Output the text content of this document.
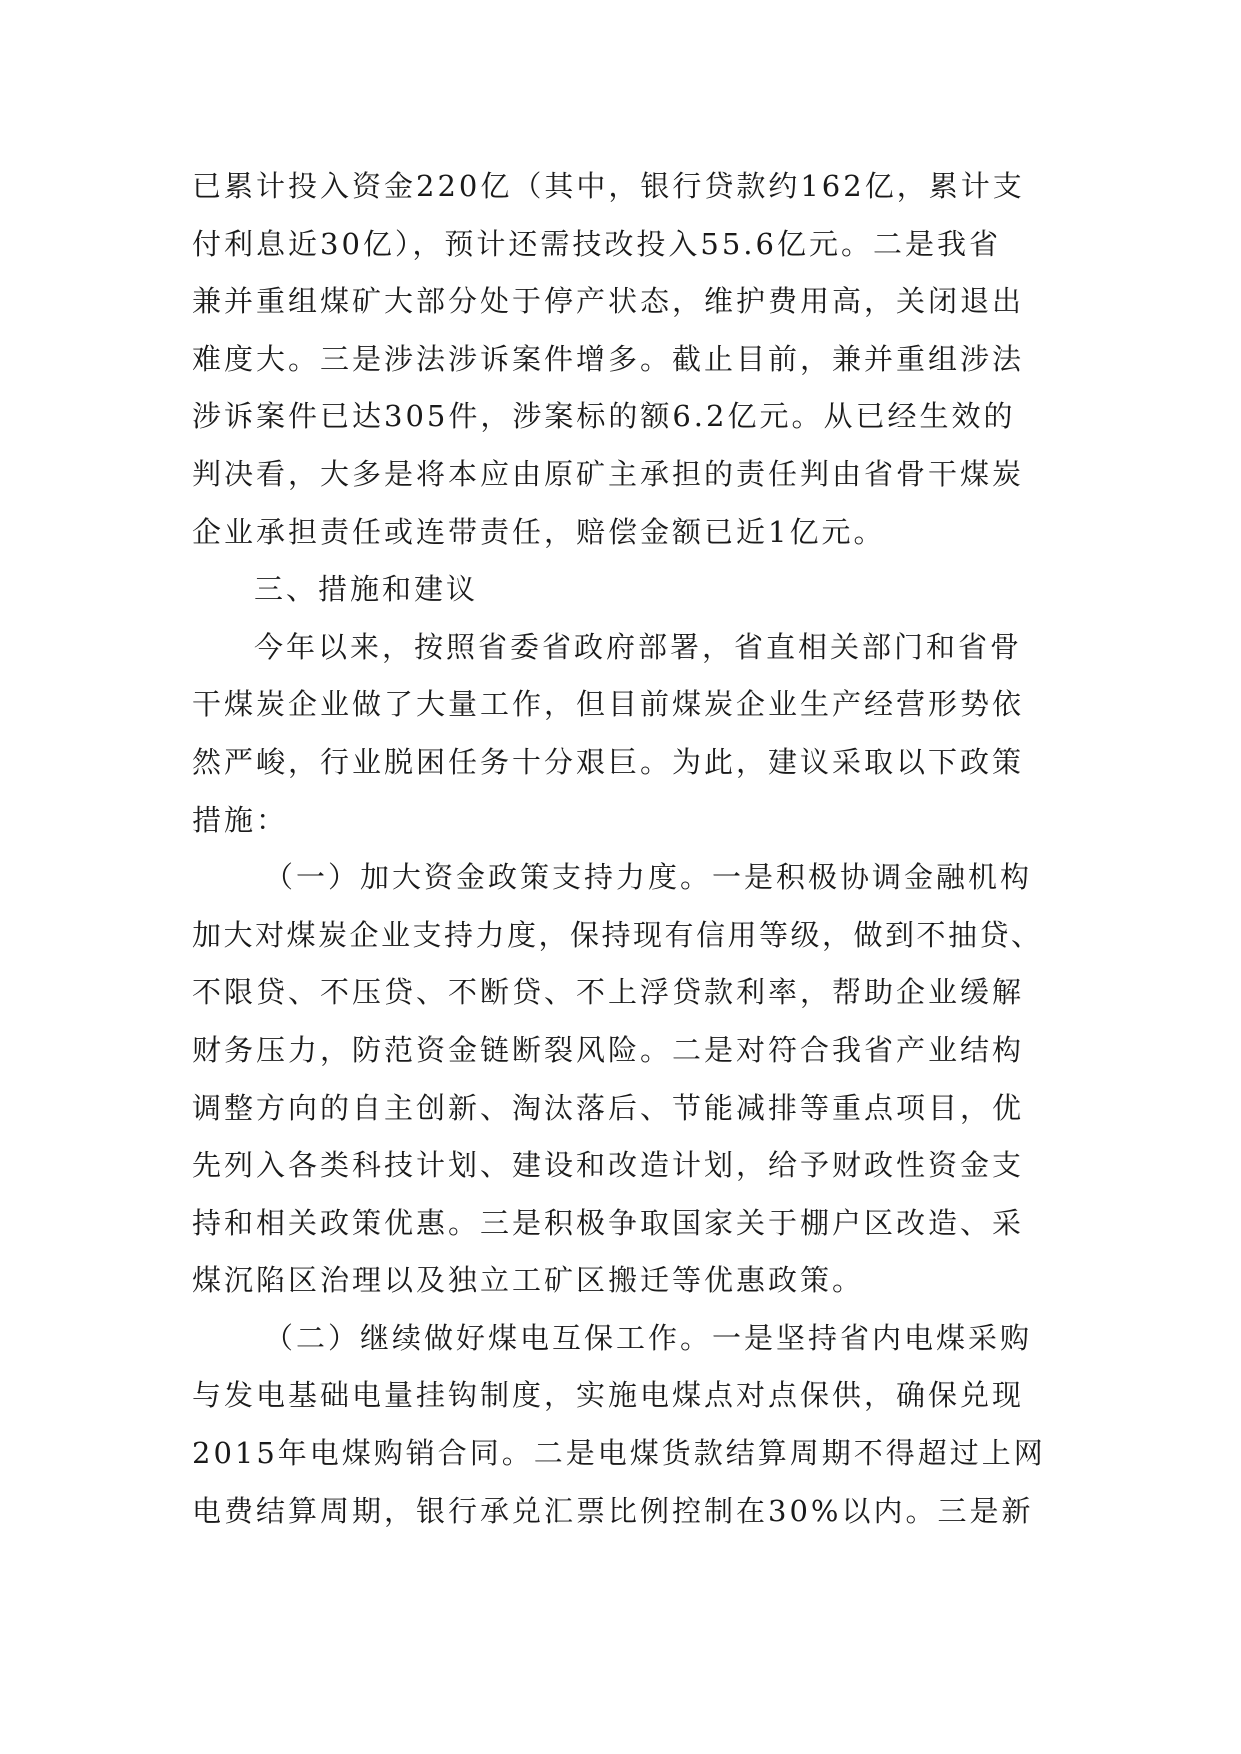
已累计投入资金220亿（其中，银行贷款约162亿，累计支
付利息近30亿），预计还需技改投入55.6亿元。二是我省
兼并重组煤矿大部分处于停产状态，维护费用高，关闭退出
难度大。三是涉法涉诉案件增多。截止目前，兼并重组涉法
涉诉案件已达305件，涉案标的额6.2亿元。从已经生效的
判决看，大多是将本应由原矿主承担的责任判由省骨干煤炭
企业承担责任或连带责任，赔偿金额已近1亿元。
三、措施和建议
今年以来，按照省委省政府部署，省直相关部门和省骨
干煤炭企业做了大量工作，但目前煤炭企业生产经营形势依
然严峻，行业脱困任务十分艰巨。为此，建议采取以下政策
措施：
（一）加大资金政策支持力度。一是积极协调金融机构
加大对煤炭企业支持力度，保持现有信用等级，做到不抽贷、
不限贷、不压贷、不断贷、不上浮贷款利率，帮助企业缓解
财务压力，防范资金链断裂风险。二是对符合我省产业结构
调整方向的自主创新、淘汰落后、节能减排等重点项目，优
先列入各类科技计划、建设和改造计划，给予财政性资金支
持和相关政策优惠。三是积极争取国家关于棚户区改造、采
煤沉陷区治理以及独立工矿区搬迁等优惠政策。
（二）继续做好煤电互保工作。一是坚持省内电煤采购
与发电基础电量挂钩制度，实施电煤点对点保供，确保兑现
2015年电煤购销合同。二是电煤货款结算周期不得超过上网
电费结算周期，银行承兑汇票比例控制在30%以内。三是新
